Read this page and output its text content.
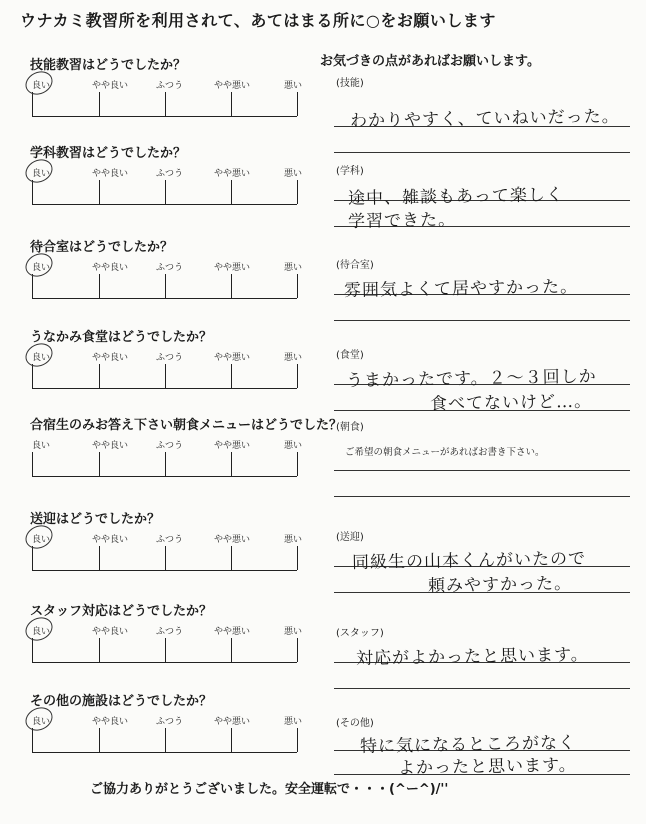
ウナカミ教習所を利用されて、あてはまる所に○をお願いします
お気づきの点があればお願いします。
技能教習はどうでしたか？
良い	やや良い	ふつう	やや悪い	悪い	(技能)
わかりやすく、ていねいだった。
学科教習はどうでしたか？
良い	やや良い	ふつう	やや悪い	悪い	(学科)
途中、雑談もあって楽しく
学習できた。
待合室はどうでしたか？
良い	やや良い	ふつう	やや悪い	悪い	(待合室)
雰囲気よくて居やすかった。
うなかみ食堂はどうでしたか？
良い	やや良い	ふつう	やや悪い	悪い	(食堂)
うまかったです。２～３回しか
食べてないけど…。
合宿生のみお答え下さい朝食メニューはどうでした？
良い	やや良い	ふつう	やや悪い	悪い
(朝食)
ご希望の朝食メニューがあればお書き下さい。
送迎はどうでしたか？
良い	やや良い	ふつう	やや悪い	悪い	(送迎)
同級生の山本くんがいたので
頼みやすかった。
スタッフ対応はどうでしたか？
良い	やや良い	ふつう	やや悪い	悪い	(スタッフ)
対応がよかったと思います。
その他の施設はどうでしたか？
良い	やや良い	ふつう	やや悪い	悪い	(その他)
特に気になるところがなく
よかったと思います。
ご協力ありがとうございました。安全運転で・・・(^ー^)/''
